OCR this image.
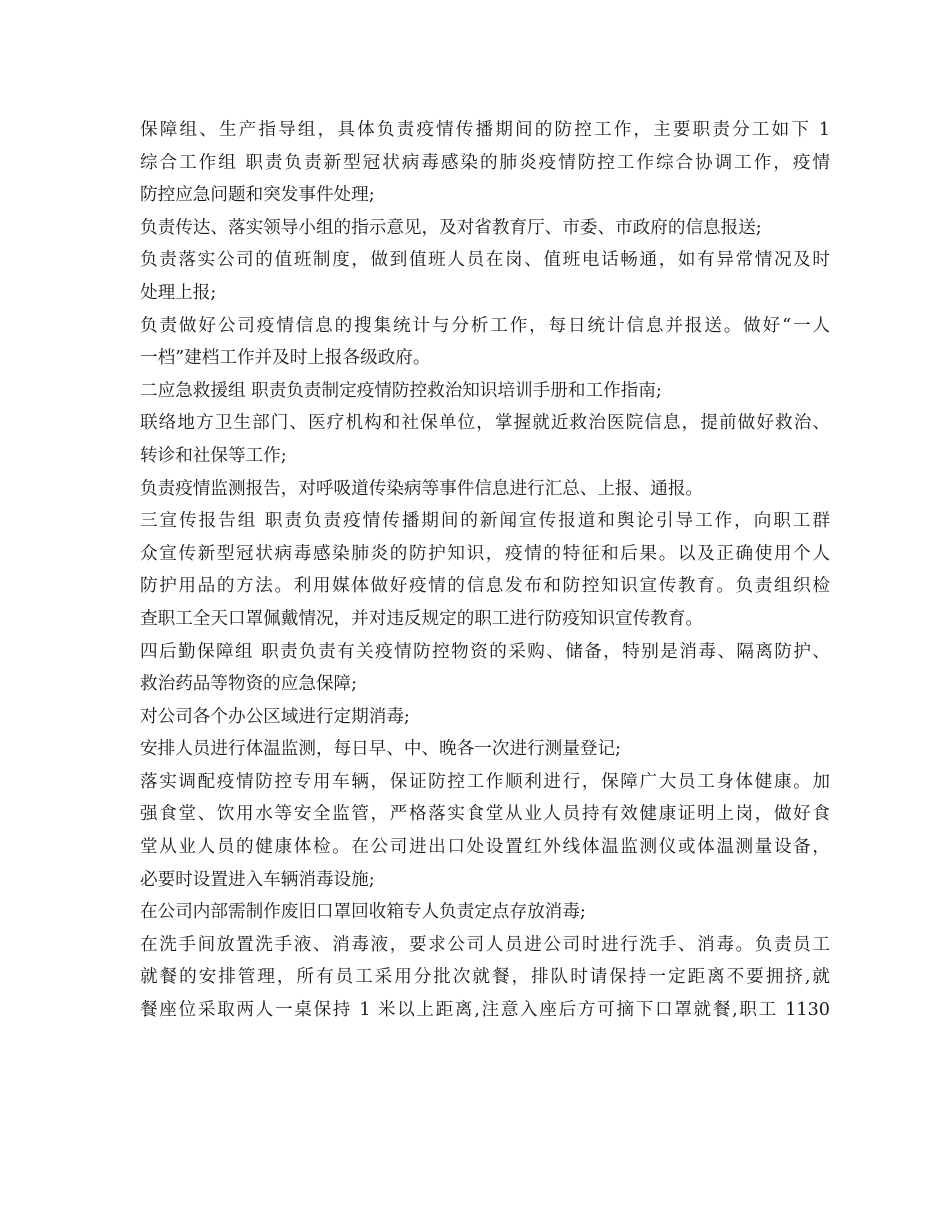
保障组、生产指导组，具体负责疫情传播期间的防控工作，主要职责分工如下 1
综合工作组 职责负责新型冠状病毒感染的肺炎疫情防控工作综合协调工作，疫情
防控应急问题和突发事件处理;
负责传达、落实领导小组的指示意见，及对省教育厅、市委、市政府的信息报送;
负责落实公司的值班制度，做到值班人员在岗、值班电话畅通，如有异常情况及时
处理上报;
负责做好公司疫情信息的搜集统计与分析工作，每日统计信息并报送。做好“一人
一档”建档工作并及时上报各级政府。
二应急救援组 职责负责制定疫情防控救治知识培训手册和工作指南;
联络地方卫生部门、医疗机构和社保单位，掌握就近救治医院信息，提前做好救治、
转诊和社保等工作;
负责疫情监测报告，对呼吸道传染病等事件信息进行汇总、上报、通报。
三宣传报告组 职责负责疫情传播期间的新闻宣传报道和舆论引导工作，向职工群
众宣传新型冠状病毒感染肺炎的防护知识，疫情的特征和后果。以及正确使用个人
防护用品的方法。利用媒体做好疫情的信息发布和防控知识宣传教育。负责组织检
查职工全天口罩佩戴情况，并对违反规定的职工进行防疫知识宣传教育。
四后勤保障组 职责负责有关疫情防控物资的采购、储备，特别是消毒、隔离防护、
救治药品等物资的应急保障;
对公司各个办公区域进行定期消毒;
安排人员进行体温监测，每日早、中、晚各一次进行测量登记;
落实调配疫情防控专用车辆，保证防控工作顺利进行，保障广大员工身体健康。加
强食堂、饮用水等安全监管，严格落实食堂从业人员持有效健康证明上岗，做好食
堂从业人员的健康体检。在公司进出口处设置红外线体温监测仪或体温测量设备，
必要时设置进入车辆消毒设施;
在公司内部需制作废旧口罩回收箱专人负责定点存放消毒;
在洗手间放置洗手液、消毒液，要求公司人员进公司时进行洗手、消毒。负责员工
就餐的安排管理，所有员工采用分批次就餐，排队时请保持一定距离不要拥挤,就
餐座位采取两人一桌保持 1 米以上距离,注意入座后方可摘下口罩就餐,职工 1130
